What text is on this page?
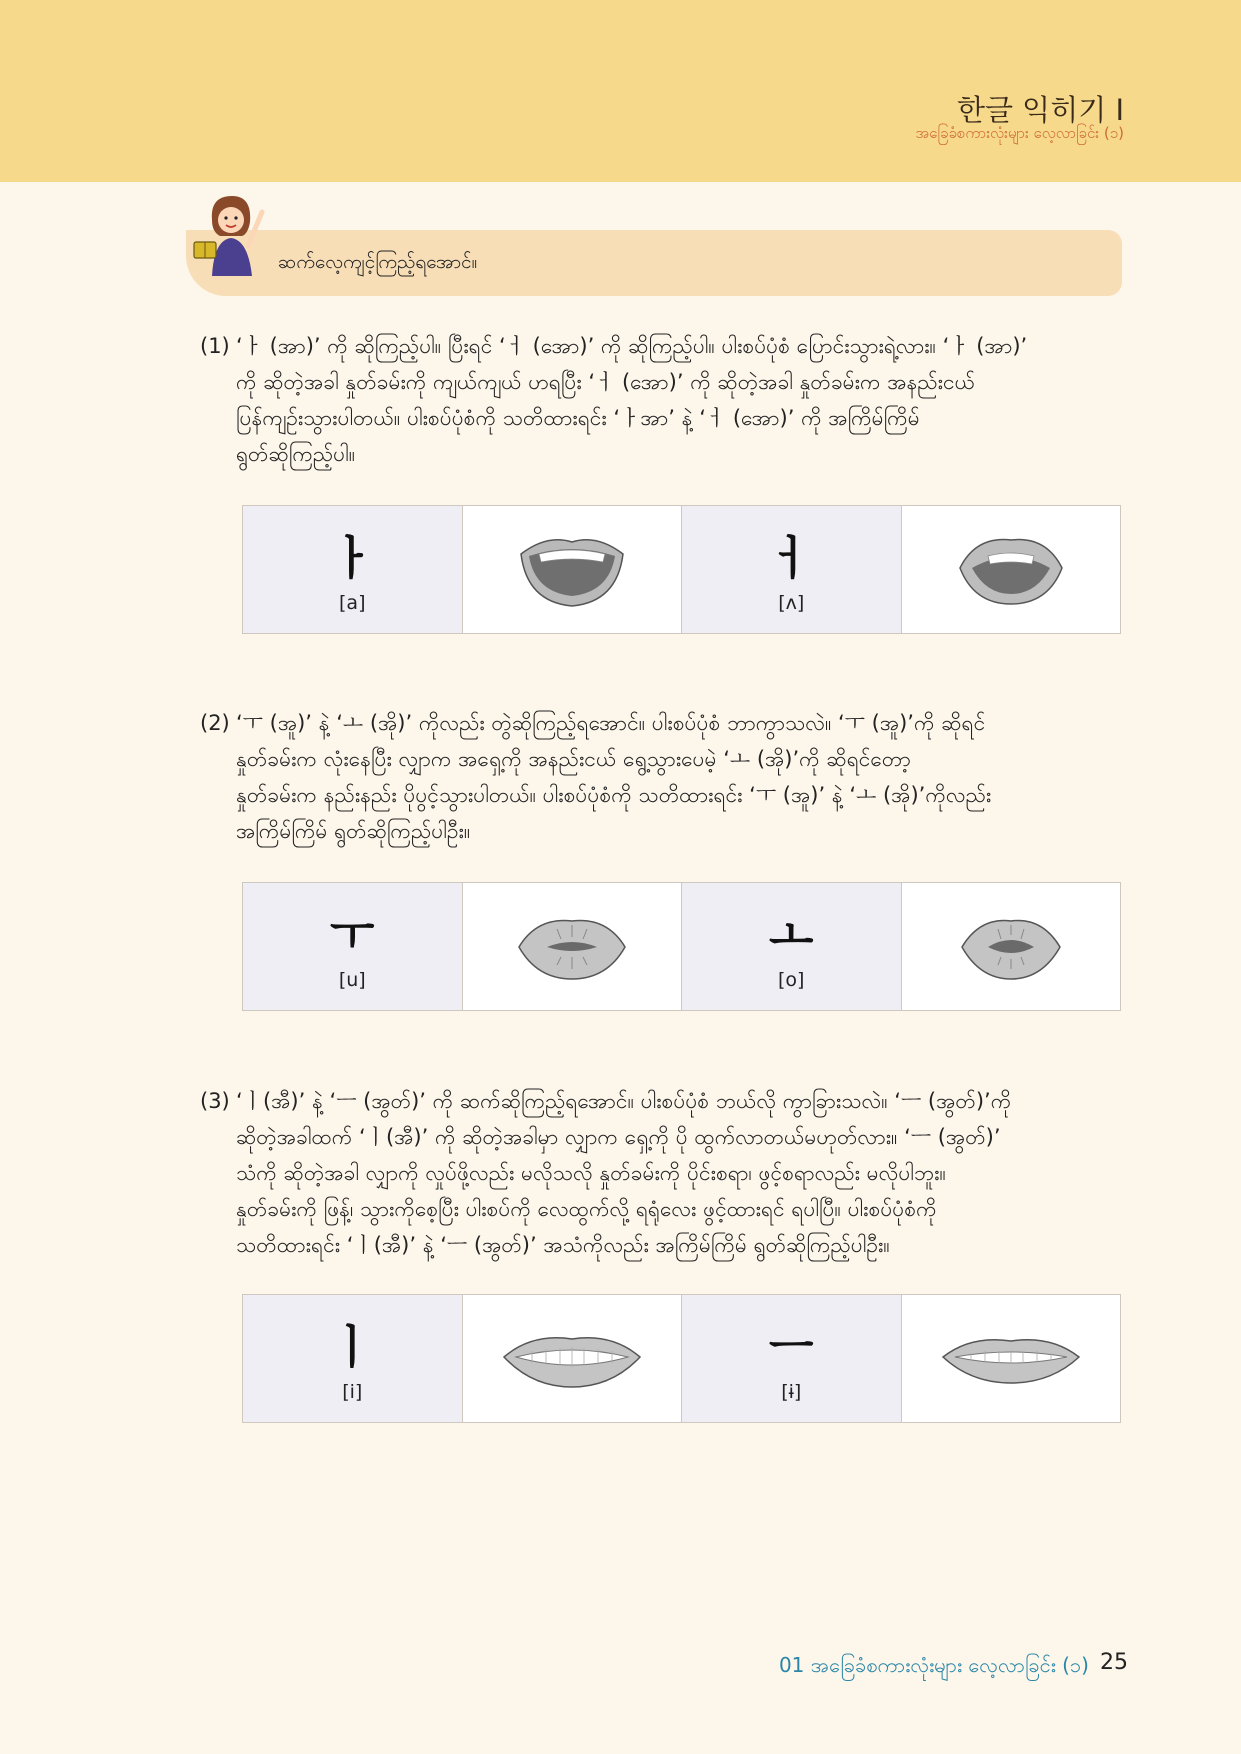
한글 익히기 I
အခြေခံစကားလုံးများ လေ့လာခြင်း (၁)
ဆက်လေ့ကျင့်ကြည့်ရအောင်။
(1) ‘ㅏ (အာ)’ ကို ဆိုကြည့်ပါ။ ပြီးရင် ‘ㅓ (အော)’ ကို ဆိုကြည့်ပါ။ ပါးစပ်ပုံစံ ပြောင်းသွားရဲ့လား။ ‘ㅏ (အာ)’
ကို ဆိုတဲ့အခါ နှုတ်ခမ်းကို ကျယ်ကျယ် ဟရပြီး ‘ㅓ (အော)’ ကို ဆိုတဲ့အခါ နှုတ်ခမ်းက အနည်းငယ်
ပြန်ကျဉ်းသွားပါတယ်။ ပါးစပ်ပုံစံကို သတိထားရင်း ‘ㅏအာ’ နဲ့ ‘ㅓ (အော)’ ကို အကြိမ်ကြိမ်
ရွတ်ဆိုကြည့်ပါ။
ㅏ
[a]
ㅓ
[ʌ]
(2) ‘ㅜ (အူ)’ နဲ့ ‘ㅗ (အို)’ ကိုလည်း တွဲဆိုကြည့်ရအောင်။ ပါးစပ်ပုံစံ ဘာကွာသလဲ။ ‘ㅜ (အူ)’ကို ဆိုရင်
နှုတ်ခမ်းက လုံးနေပြီး လျှာက အရှေ့ကို အနည်းငယ် ရွေ့သွားပေမဲ့ ‘ㅗ (အို)’ကို ဆိုရင်တော့
နှုတ်ခမ်းက နည်းနည်း ပိုပွင့်သွားပါတယ်။ ပါးစပ်ပုံစံကို သတိထားရင်း ‘ㅜ (အူ)’ နဲ့ ‘ㅗ (အို)’ကိုလည်း
အကြိမ်ကြိမ် ရွတ်ဆိုကြည့်ပါဦး။
ㅜ
[u]
ㅗ
[o]
(3) ‘ㅣ(အီ)’ နဲ့ ‘ㅡ (အွတ်)’ ကို ဆက်ဆိုကြည့်ရအောင်။ ပါးစပ်ပုံစံ ဘယ်လို ကွာခြားသလဲ။ ‘ㅡ (အွတ်)’ကို
ဆိုတဲ့အခါထက် ‘ㅣ(အီ)’ ကို ဆိုတဲ့အခါမှာ လျှာက ရှေ့ကို ပို ထွက်လာတယ်မဟုတ်လား။ ‘ㅡ (အွတ်)’
သံကို ဆိုတဲ့အခါ လျှာကို လှုပ်ဖို့လည်း မလိုသလို နှုတ်ခမ်းကို ပိုင်းစရာ၊ ဖွင့်စရာလည်း မလိုပါဘူး။
နှုတ်ခမ်းကို ဖြန့်၊ သွားကိုစေ့ပြီး ပါးစပ်ကို လေထွက်လို့ ရရုံလေး ဖွင့်ထားရင် ရပါပြီ။ ပါးစပ်ပုံစံကို
သတိထားရင်း ‘ㅣ(အီ)’ နဲ့ ‘ㅡ (အွတ်)’ အသံကိုလည်း အကြိမ်ကြိမ် ရွတ်ဆိုကြည့်ပါဦး။
ㅣ
[i]
ㅡ
[ɨ]
01 အခြေခံစကားလုံးများ လေ့လာခြင်း (၁) 25
